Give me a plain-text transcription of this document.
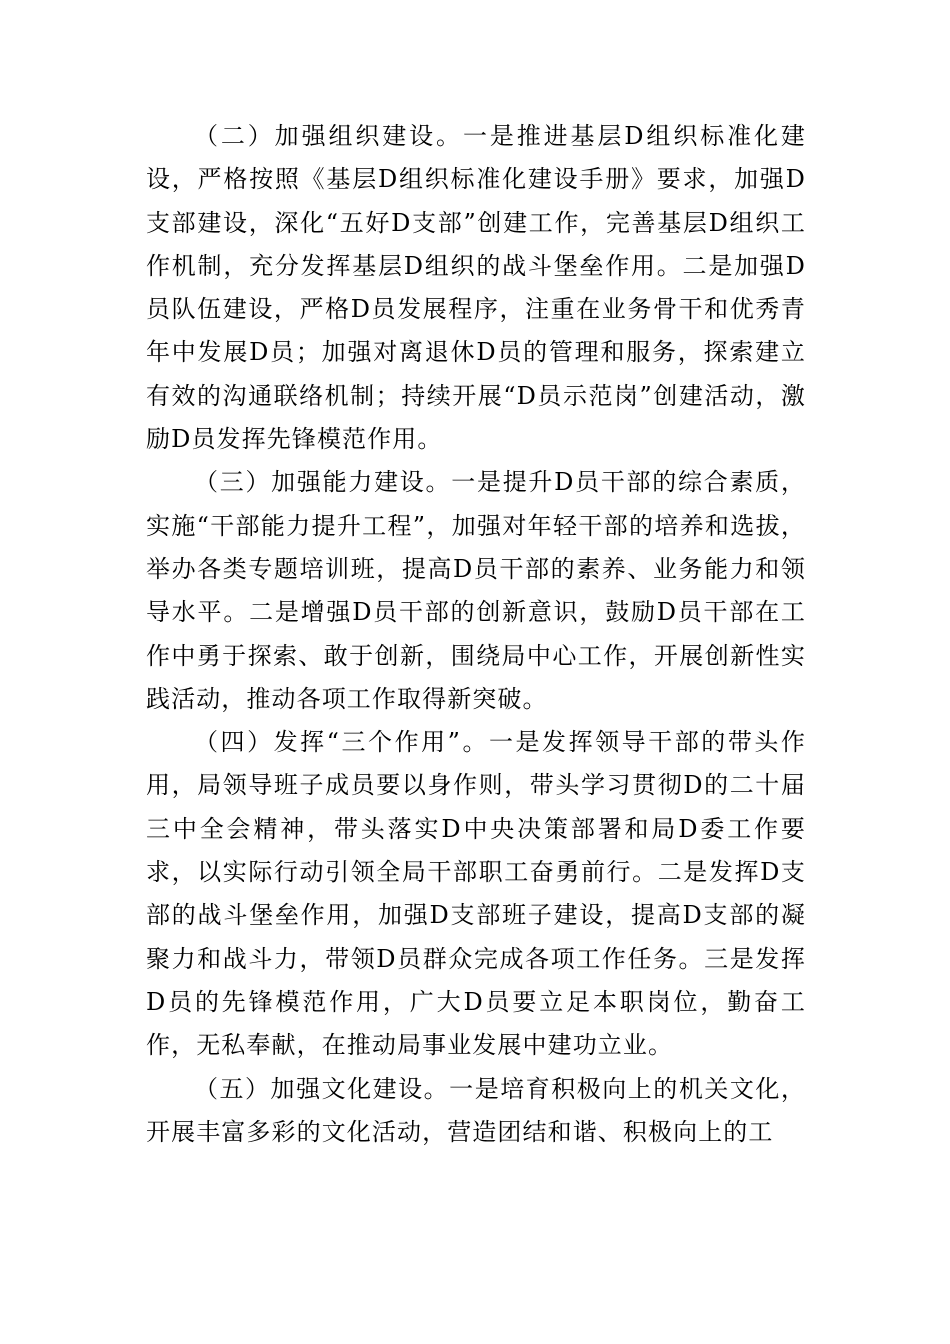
（二）加强组织建设。一是推进基层D组织标准化建设，严格按照《基层D组织标准化建设手册》要求，加强D支部建设，深化“五好D支部”创建工作，完善基层D组织工作机制，充分发挥基层D组织的战斗堡垒作用。二是加强D员队伍建设，严格D员发展程序，注重在业务骨干和优秀青年中发展D员；加强对离退休D员的管理和服务，探索建立有效的沟通联络机制；持续开展“D员示范岗”创建活动，激励D员发挥先锋模范作用。

（三）加强能力建设。一是提升D员干部的综合素质，实施“干部能力提升工程”，加强对年轻干部的培养和选拔，举办各类专题培训班，提高D员干部的素养、业务能力和领导水平。二是增强D员干部的创新意识，鼓励D员干部在工作中勇于探索、敢于创新，围绕局中心工作，开展创新性实践活动，推动各项工作取得新突破。

（四）发挥“三个作用”。一是发挥领导干部的带头作用，局领导班子成员要以身作则，带头学习贯彻D的二十届三中全会精神，带头落实D中央决策部署和局D委工作要求，以实际行动引领全局干部职工奋勇前行。二是发挥D支部的战斗堡垒作用，加强D支部班子建设，提高D支部的凝聚力和战斗力，带领D员群众完成各项工作任务。三是发挥D员的先锋模范作用，广大D员要立足本职岗位，勤奋工作，无私奉献，在推动局事业发展中建功立业。

（五）加强文化建设。一是培育积极向上的机关文化，开展丰富多彩的文化活动，营造团结和谐、积极向上的工
